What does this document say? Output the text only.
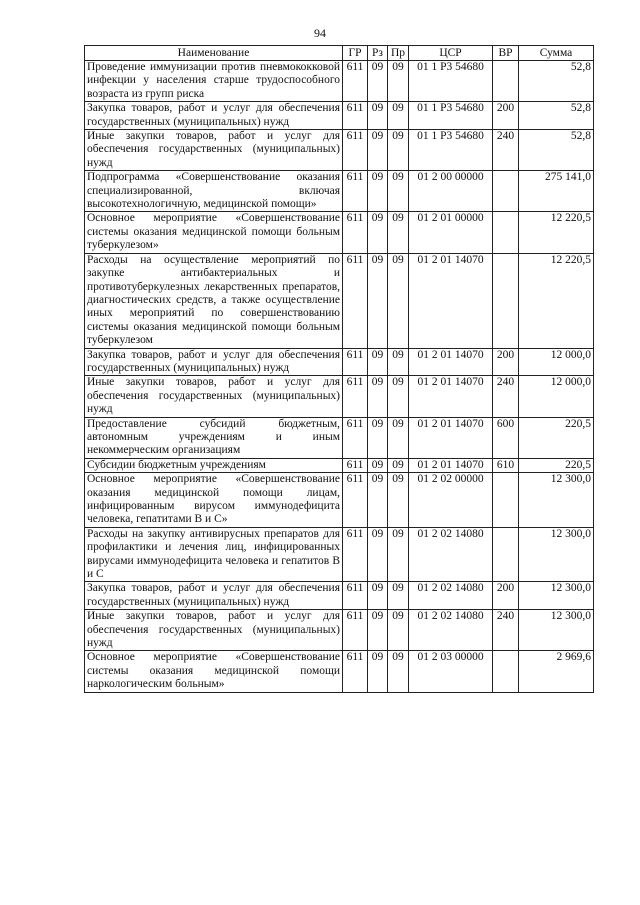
94
Наименование	ГР	Рз	Пр	ЦСР	ВР	Сумма
Проведение иммунизации против пневмококковой инфекции у населения старше трудоспособного возраста из групп риска	611	09	09	01 1 Р3 54680		52,8
Закупка товаров, работ и услуг для обеспечения государственных (муниципальных) нужд	611	09	09	01 1 Р3 54680	200	52,8
Иные закупки товаров, работ и услуг для обеспечения государственных (муниципальных) нужд	611	09	09	01 1 Р3 54680	240	52,8
Подпрограмма «Совершенствование оказания специализированной, включая высокотехнологичную, медицинской помощи»	611	09	09	01 2 00 00000		275 141,0
Основное мероприятие «Совершенствование системы оказания медицинской помощи больным туберкулезом»	611	09	09	01 2 01 00000		12 220,5
Расходы на осуществление мероприятий по закупке антибактериальных и противотуберкулезных лекарственных препаратов, диагностических средств, а также осуществление иных мероприятий по совершенствованию системы оказания медицинской помощи больным туберкулезом	611	09	09	01 2 01 14070		12 220,5
Закупка товаров, работ и услуг для обеспечения государственных (муниципальных) нужд	611	09	09	01 2 01 14070	200	12 000,0
Иные закупки товаров, работ и услуг для обеспечения государственных (муниципальных) нужд	611	09	09	01 2 01 14070	240	12 000,0
Предоставление субсидий бюджетным, автономным учреждениям и иным некоммерческим организациям	611	09	09	01 2 01 14070	600	220,5
Субсидии бюджетным учреждениям	611	09	09	01 2 01 14070	610	220,5
Основное мероприятие «Совершенствование оказания медицинской помощи лицам, инфицированным вирусом иммунодефицита человека, гепатитами В и С»	611	09	09	01 2 02 00000		12 300,0
Расходы на закупку антивирусных препаратов для профилактики и лечения лиц, инфицированных вирусами иммунодефицита человека и гепатитов В и С	611	09	09	01 2 02 14080		12 300,0
Закупка товаров, работ и услуг для обеспечения государственных (муниципальных) нужд	611	09	09	01 2 02 14080	200	12 300,0
Иные закупки товаров, работ и услуг для обеспечения государственных (муниципальных) нужд	611	09	09	01 2 02 14080	240	12 300,0
Основное мероприятие «Совершенствование системы оказания медицинской помощи наркологическим больным»	611	09	09	01 2 03 00000		2 969,6
